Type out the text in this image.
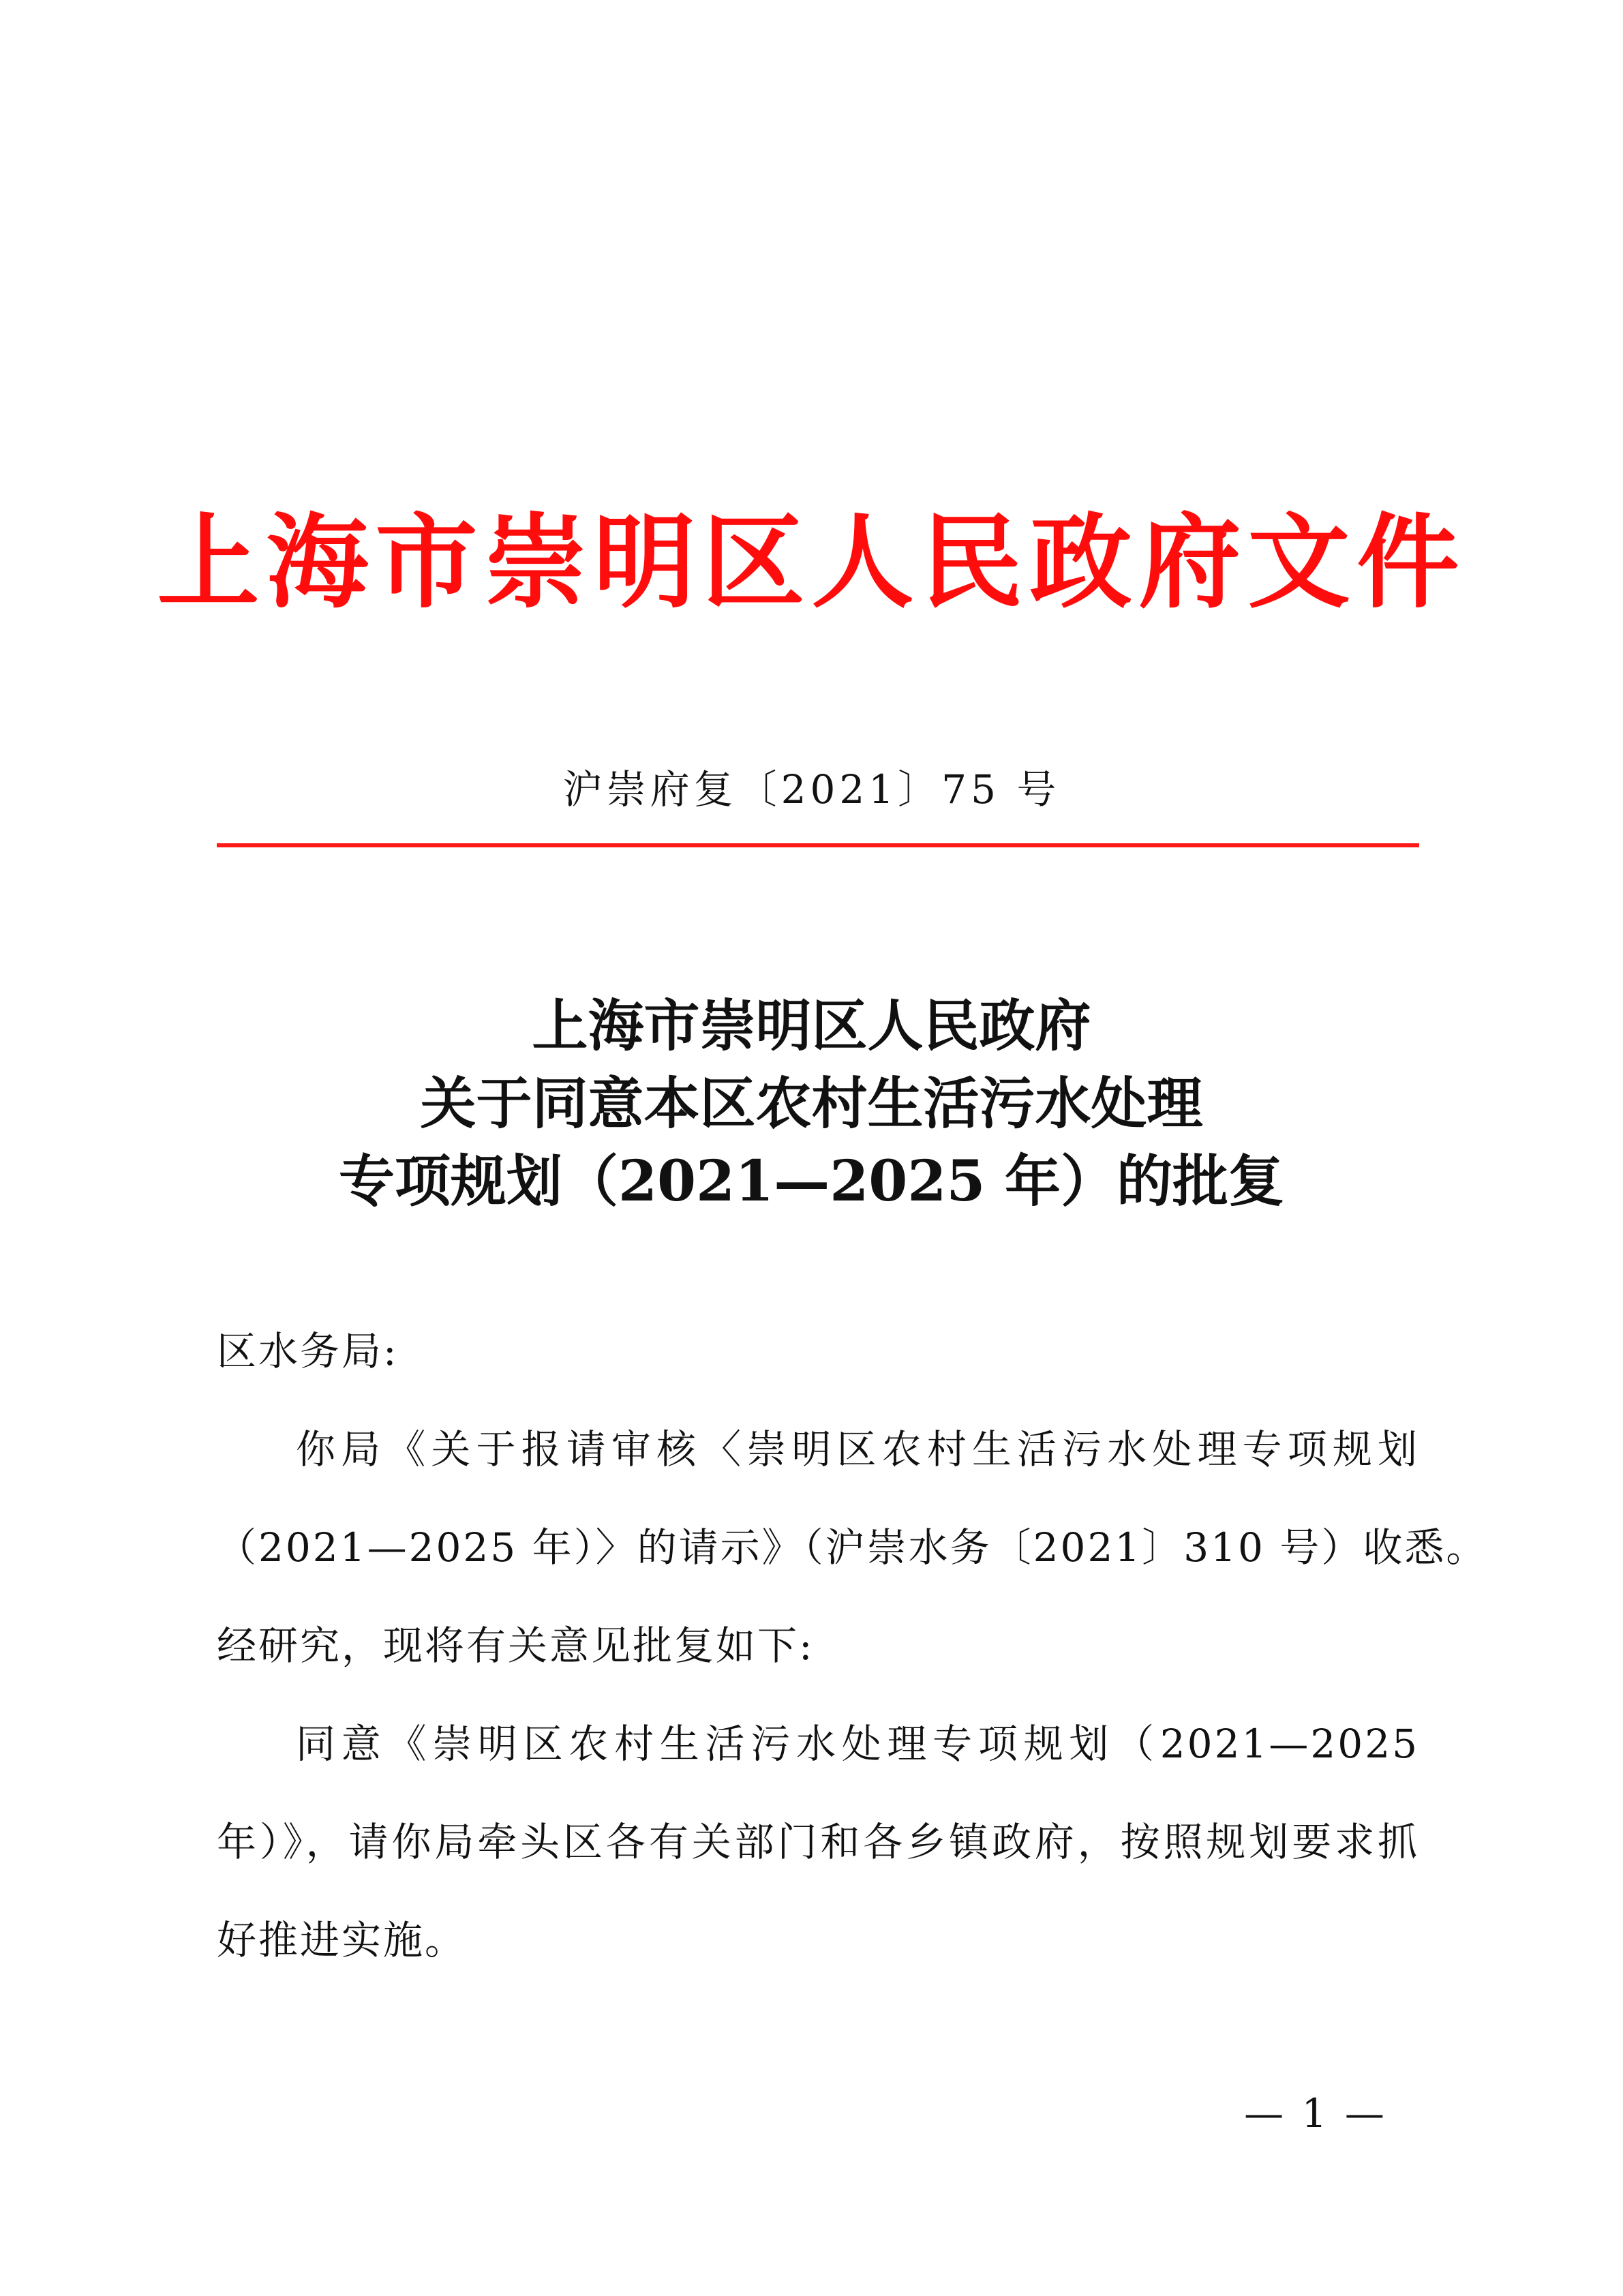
上海市崇明区人民政府文件
沪崇府复〔2021〕75 号
上海市崇明区人民政府
关于同意本区农村生活污水处理
专项规划（2021—2025 年）的批复
区水务局:
你局《关于报请审核〈崇明区农村生活污水处理专项规划
（2021—2025 年）〉的请示》（沪崇水务〔2021〕310 号）收悉。
经研究，现将有关意见批复如下:
同意《崇明区农村生活污水处理专项规划（2021—2025
年）》，请你局牵头区各有关部门和各乡镇政府，按照规划要求抓
好推进实施。
— 1 —
